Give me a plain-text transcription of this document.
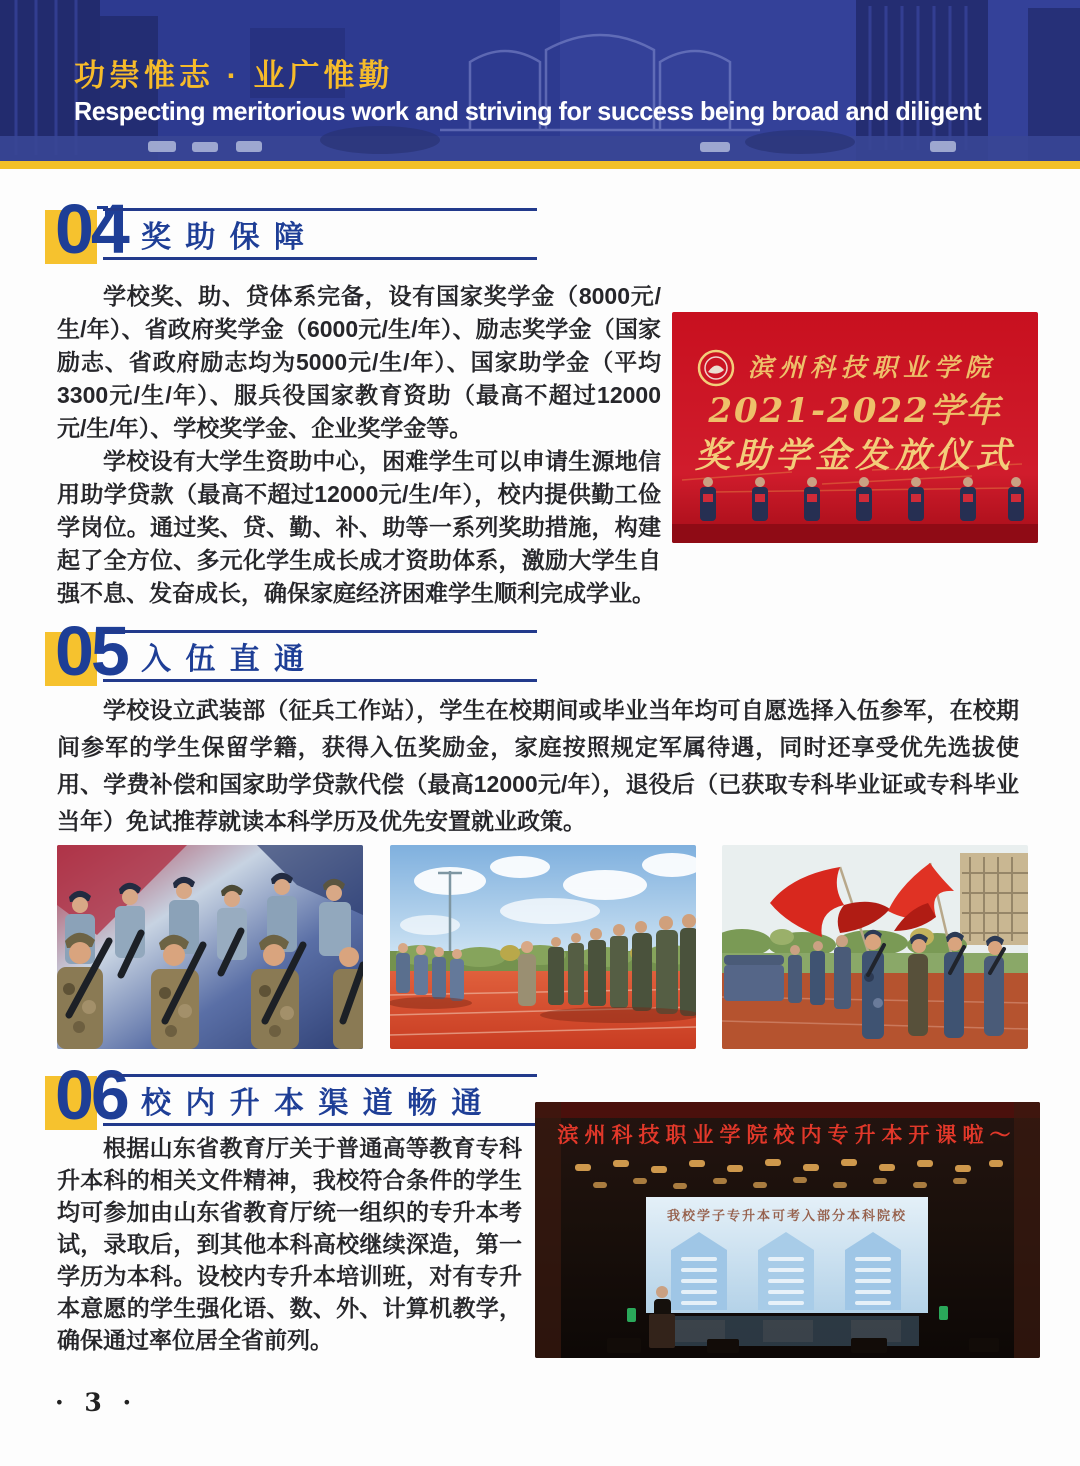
功崇惟志 · 业广惟勤
Respecting meritorious work and striving for success being broad and diligent
04 奖 助 保 障

学校奖、助、贷体系完备，设有国家奖学金（8000元/生/年）、省政府奖学金（6000元/生/年）、励志奖学金（国家励志、省政府励志均为5000元/生/年）、国家助学金（平均3300元/生/年）、服兵役国家教育资助（最高不超过12000元/生/年）、学校奖学金、企业奖学金等。

学校设有大学生资助中心，困难学生可以申请生源地信用助学贷款（最高不超过12000元/生/年），校内提供勤工俭学岗位。通过奖、贷、勤、补、助等一系列奖助措施，构建起了全方位、多元化学生成长成才资助体系，激励大学生自强不息、发奋成长，确保家庭经济困难学生顺利完成学业。

滨州科技职业学院
2021-2022学年
奖助学金发放仪式
05 入 伍 直 通

学校设立武装部（征兵工作站），学生在校期间或毕业当年均可自愿选择入伍参军，在校期间参军的学生保留学籍，获得入伍奖励金，家庭按照规定军属待遇，同时还享受优先选拔使用、学费补偿和国家助学贷款代偿（最高12000元/年），退役后（已获取专科毕业证或专科毕业当年）免试推荐就读本科学历及优先安置就业政策。

06 校 内 升 本 渠 道 畅 通

根据山东省教育厅关于普通高等教育专科升本科的相关文件精神，我校符合条件的学生均可参加由山东省教育厅统一组织的专升本考试，录取后，到其他本科高校继续深造，第一学历为本科。设校内专升本培训班，对有专升本意愿的学生强化语、数、外、计算机教学，确保通过率位居全省前列。

滨州科技职业学院校内专升本开课啦～
我校学子专升本可考入部分本科院校
· 3 ·
